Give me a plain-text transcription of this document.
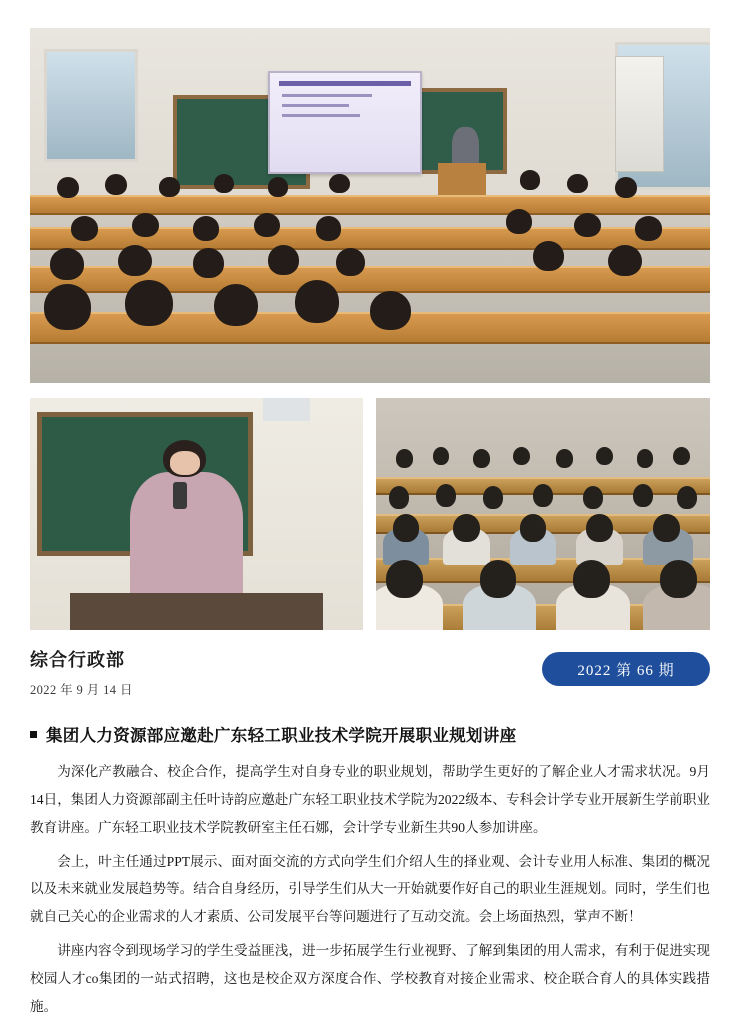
综合行政部
2022 年 9 月 14 日
2022 第 66 期
集团人力资源部应邀赴广东轻工职业技术学院开展职业规划讲座

为深化产教融合、校企合作，提高学生对自身专业的职业规划，帮助学生更好的了解企业人才需求状况。9月14日，集团人力资源部副主任叶诗韵应邀赴广东轻工职业技术学院为2022级本、专科会计学专业开展新生学前职业教育讲座。广东轻工职业技术学院教研室主任石娜，会计学专业新生共90人参加讲座。

会上，叶主任通过PPT展示、面对面交流的方式向学生们介绍人生的择业观、会计专业用人标准、集团的概况以及未来就业发展趋势等。结合自身经历，引导学生们从大一开始就要作好自己的职业生涯规划。同时，学生们也就自己关心的企业需求的人才素质、公司发展平台等问题进行了互动交流。会上场面热烈，掌声不断！

讲座内容令到现场学习的学生受益匪浅，进一步拓展学生行业视野、了解到集团的用人需求，有利于促进实现校园人才со集团的一站式招聘，这也是校企双方深度合作、学校教育对接企业需求、校企联合育人的具体实践措施。
